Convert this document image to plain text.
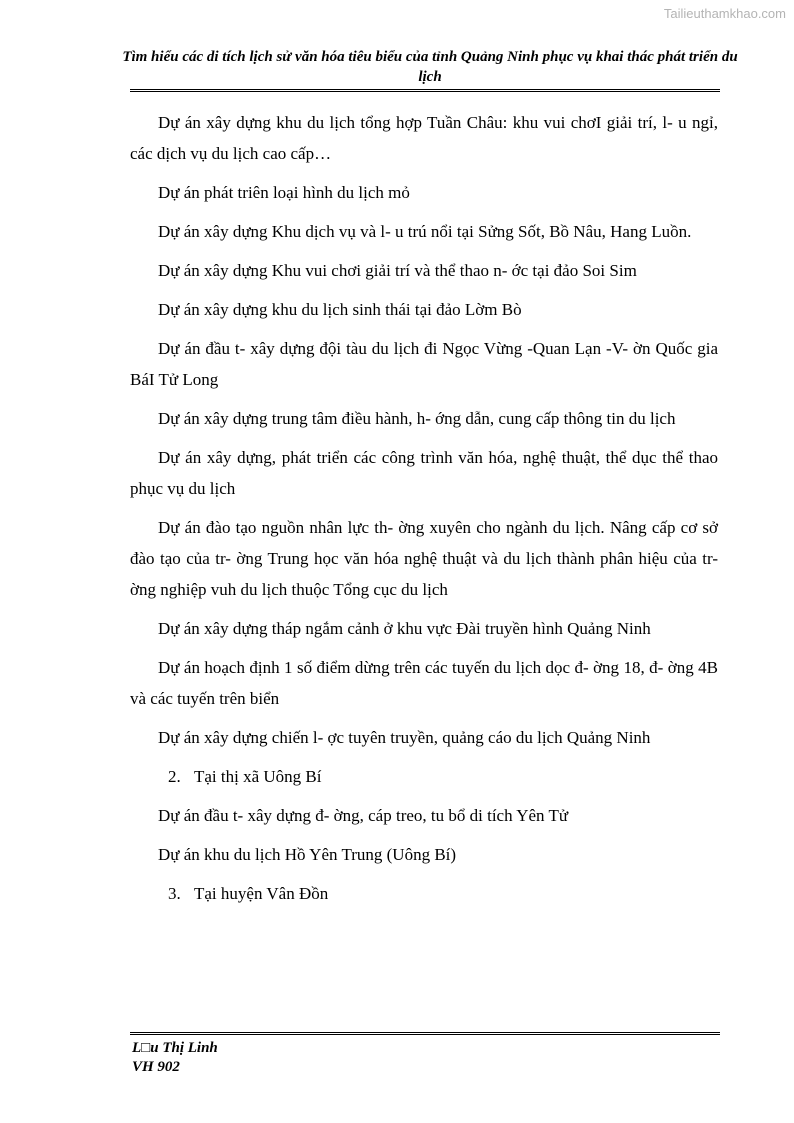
Tailieuthamkhao.com
Tìm hiểu các di tích lịch sử văn hóa tiêu biểu của tỉnh Quảng Ninh phục vụ khai thác phát triển du lịch

Dự án xây dựng khu du lịch tổng hợp Tuần Châu: khu vui chơI giải trí, l- u ngỉ, các dịch vụ du lịch cao cấp…

Dự án phát triên loại hình du lịch mỏ

Dự án xây dựng Khu dịch vụ và l- u trú nổi tại Sửng Sốt, Bồ Nâu, Hang Luồn.

Dự án xây dựng Khu vui chơi giải trí và thể thao n- ớc tại đảo Soi Sim

Dự án xây dựng khu du lịch sinh thái tại đảo Lờm Bò

Dự án đầu t- xây dựng đội tàu du lịch đi Ngọc Vừng -Quan Lạn -V- ờn Quốc gia BáI Tử Long

Dự án xây dựng trung tâm điều hành, h- ớng dẫn, cung cấp thông tin du lịch

Dự án xây dựng, phát triển các công trình văn hóa, nghệ thuật, thể dục thể thao phục vụ du lịch

Dự án đào tạo nguồn nhân lực th- ờng xuyên cho ngành du lịch. Nâng cấp cơ sở đào tạo của tr- ờng Trung học văn hóa nghệ thuật và du lịch thành phân hiệu của tr- ờng nghiệp vuh du lịch thuộc Tổng cục du lịch

Dự án xây dựng tháp ngắm cảnh ở khu vực Đài truyền hình Quảng Ninh

Dự án hoạch định 1 số điểm dừng trên các tuyến du lịch dọc đ- ờng 18, đ- ờng 4B và các tuyến trên biển

Dự án xây dựng chiến l- ợc tuyên truyền, quảng cáo du lịch Quảng Ninh

2. Tại thị xã Uông Bí

Dự án đầu t- xây dựng đ- ờng, cáp treo, tu bổ di tích Yên Tử

Dự án khu du lịch Hồ Yên Trung (Uông Bí)

3. Tại huyện Vân Đồn

L□u Thị Linh
VH 902
